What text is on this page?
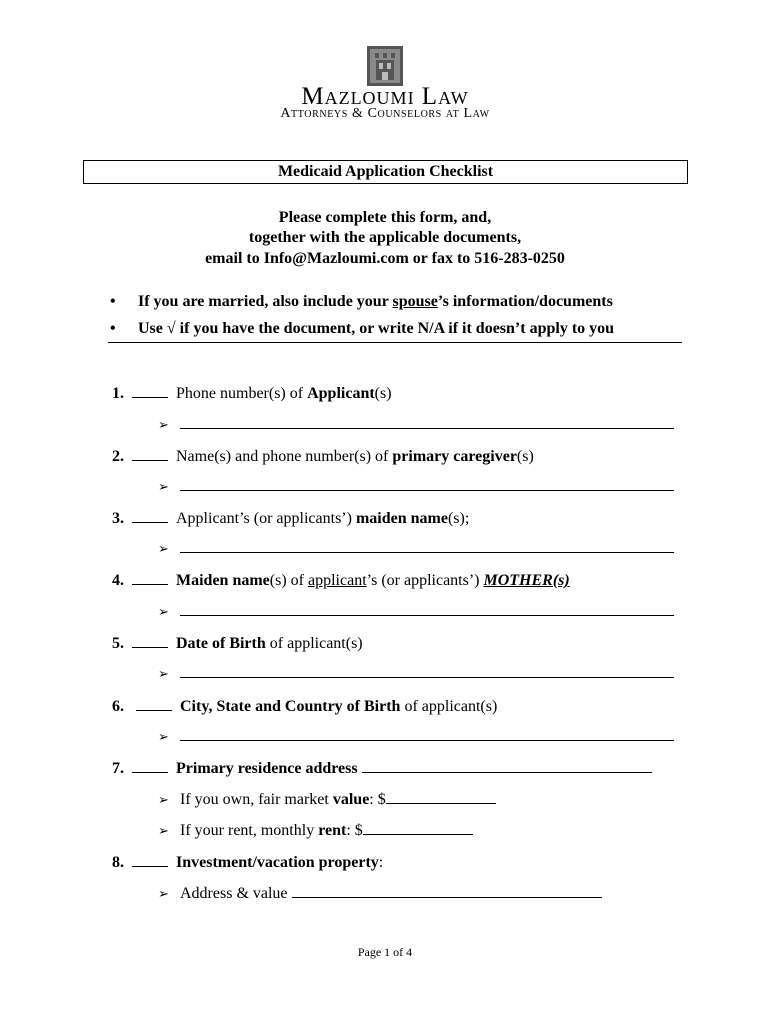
Mazloumi Law
Attorneys & Counselors at Law
Medicaid Application Checklist
Please complete this form, and,
together with the applicable documents,
email to Info@Mazloumi.com or fax to 516-283-0250
• If you are married, also include your spouse’s information/documents
• Use √ if you have the document, or write N/A if it doesn’t apply to you
1.	Phone number(s) of Applicant(s)
➢
2.	Name(s) and phone number(s) of primary caregiver(s)
➢
3.	Applicant’s (or applicants’) maiden name(s);
➢
4.	Maiden name(s) of applicant’s (or applicants’) MOTHER(s)
➢
5.	Date of Birth of applicant(s)
➢
6.	City, State and Country of Birth of applicant(s)
➢
7.	Primary residence address
➢ If you own, fair market value: $
➢ If your rent, monthly rent: $
8.	Investment/vacation property:
➢ Address & value
Page 1 of 4
